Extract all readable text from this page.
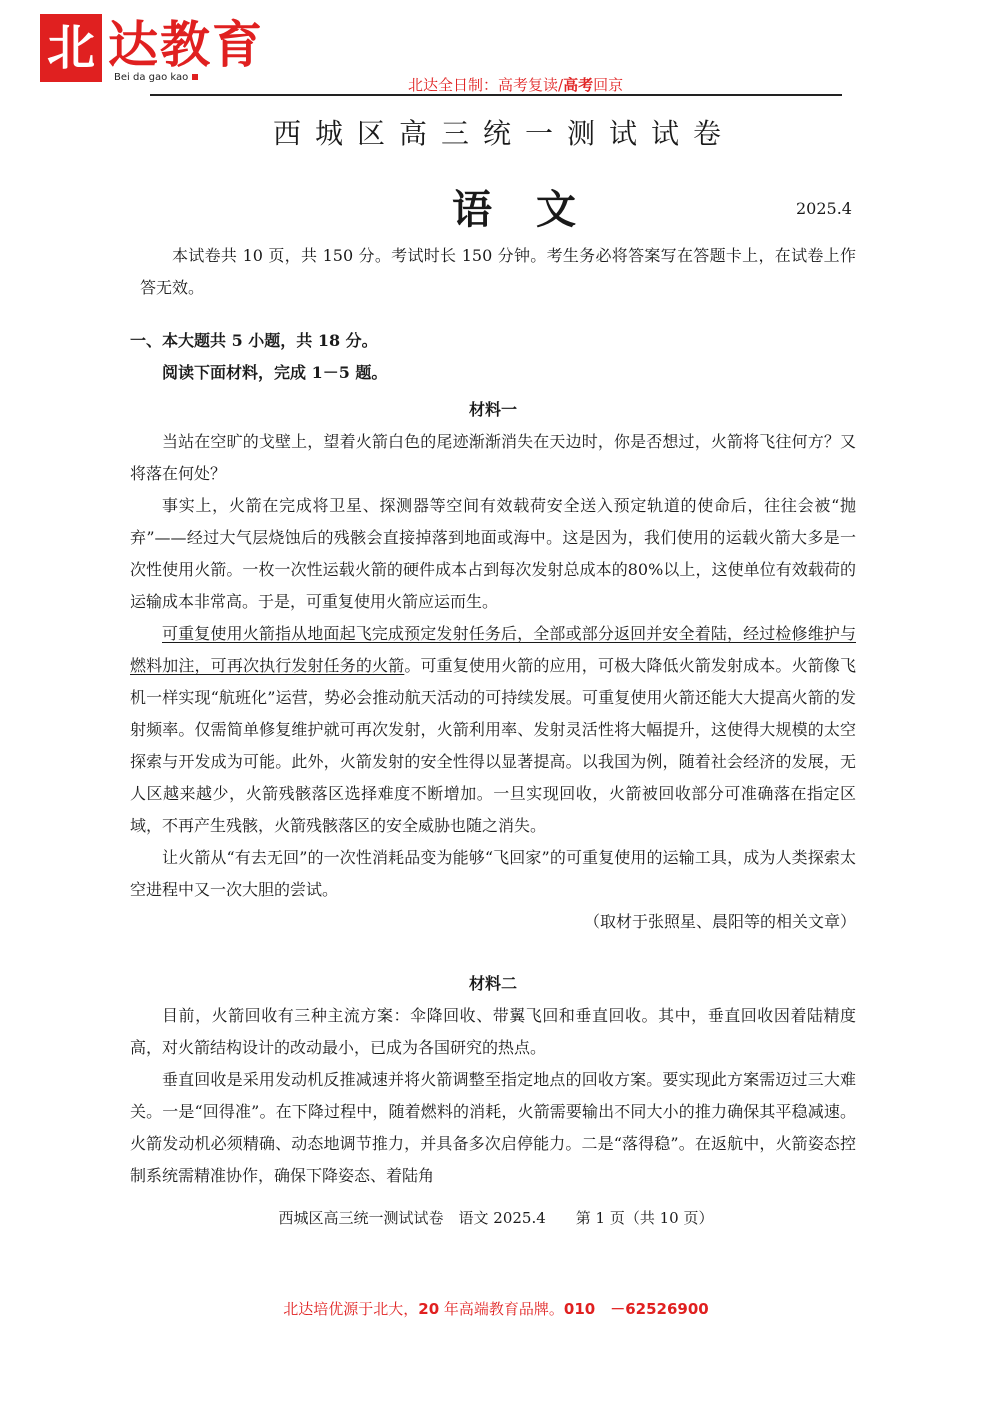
北 达教育
Bei da gao kao	北达全日制：高考复读/高考回京
西城区高三统一测试试卷
语文	2025.4

本试卷共 10 页，共 150 分。考试时长 150 分钟。考生务必将答案写在答题卡上，在试卷上作答无效。

一、本大题共 5 小题，共 18 分。

阅读下面材料，完成 1－5 题。

材料一

当站在空旷的戈壁上，望着火箭白色的尾迹渐渐消失在天边时，你是否想过，火箭将飞往何方？又将落在何处？

事实上，火箭在完成将卫星、探测器等空间有效载荷安全送入预定轨道的使命后，往往会被“抛弃”——经过大气层烧蚀后的残骸会直接掉落到地面或海中。这是因为，我们使用的运载火箭大多是一次性使用火箭。一枚一次性运载火箭的硬件成本占到每次发射总成本的80%以上，这使单位有效载荷的运输成本非常高。于是，可重复使用火箭应运而生。

可重复使用火箭指从地面起飞完成预定发射任务后，全部或部分返回并安全着陆，经过检修维护与燃料加注，可再次执行发射任务的火箭。可重复使用火箭的应用，可极大降低火箭发射成本。火箭像飞机一样实现“航班化”运营，势必会推动航天活动的可持续发展。可重复使用火箭还能大大提高火箭的发射频率。仅需简单修复维护就可再次发射，火箭利用率、发射灵活性将大幅提升，这使得大规模的太空探索与开发成为可能。此外，火箭发射的安全性得以显著提高。以我国为例，随着社会经济的发展，无人区越来越少，火箭残骸落区选择难度不断增加。一旦实现回收，火箭被回收部分可准确落在指定区域，不再产生残骸，火箭残骸落区的安全威胁也随之消失。

让火箭从“有去无回”的一次性消耗品变为能够“飞回家”的可重复使用的运输工具，成为人类探索太空进程中又一次大胆的尝试。

（取材于张照星、晨阳等的相关文章）

材料二

目前，火箭回收有三种主流方案：伞降回收、带翼飞回和垂直回收。其中，垂直回收因着陆精度高，对火箭结构设计的改动最小，已成为各国研究的热点。

垂直回收是采用发动机反推减速并将火箭调整至指定地点的回收方案。要实现此方案需迈过三大难关。一是“回得准”。在下降过程中，随着燃料的消耗，火箭需要输出不同大小的推力确保其平稳减速。火箭发动机必须精确、动态地调节推力，并具备多次启停能力。二是“落得稳”。在返航中，火箭姿态控制系统需精准协作，确保下降姿态、着陆角

西城区高三统一测试试卷　语文 2025.4　　第 1 页（共 10 页）
北达培优源于北大，20 年高端教育品牌。010　－62526900
